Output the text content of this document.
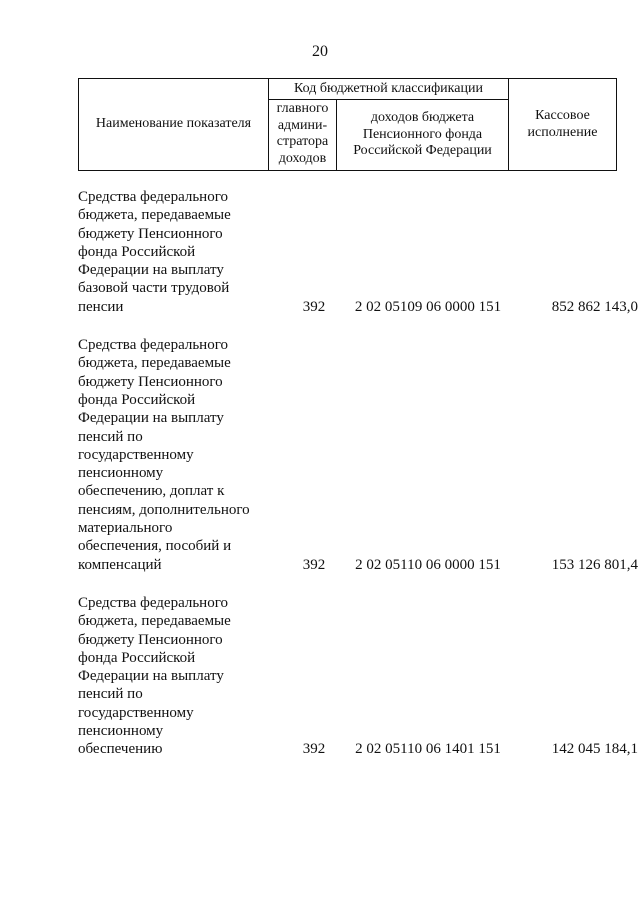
20
Наименование показателя	Код бюджетной классификации		Кассовое исполнение
	главного админи-стратора доходов	доходов бюджета Пенсионного фонда Российской Федерации	
Средства федерального
бюджета, передаваемые
бюджету Пенсионного
фонда Российской
Федерации на выплату
базовой части трудовой
пенсии	392	2 02 05109 06 0000 151	852 862 143,0
Средства федерального
бюджета, передаваемые
бюджету Пенсионного
фонда Российской
Федерации на выплату
пенсий по
государственному
пенсионному
обеспечению, доплат к
пенсиям, дополнительного
материального
обеспечения, пособий и
компенсаций	392	2 02 05110 06 0000 151	153 126 801,4
Средства федерального
бюджета, передаваемые
бюджету Пенсионного
фонда Российской
Федерации на выплату
пенсий по
государственному
пенсионному
обеспечению	392	2 02 05110 06 1401 151	142 045 184,1
